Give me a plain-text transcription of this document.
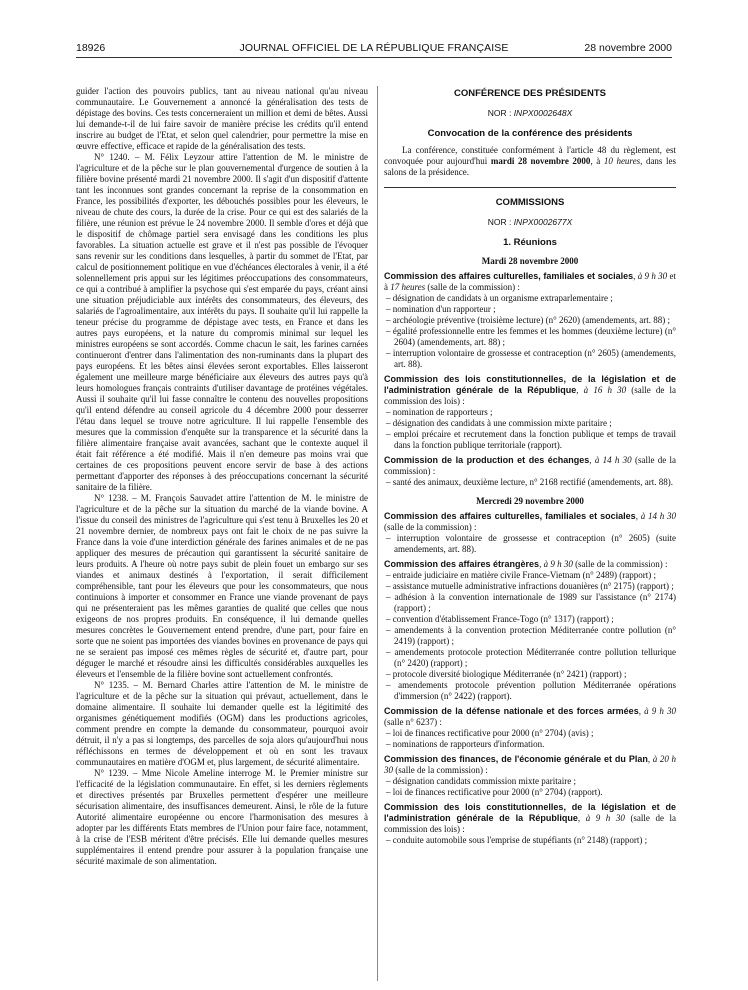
18926	JOURNAL OFFICIEL DE LA RÉPUBLIQUE FRANÇAISE	28 novembre 2000

guider l'action des pouvoirs publics, tant au niveau national qu'au niveau communautaire. Le Gouvernement a annoncé la généralisation des tests de dépistage des bovins. Ces tests concerneraient un million et demi de bêtes. Aussi lui demande-t-il de lui faire savoir de manière précise les crédits qu'il entend inscrire au budget de l'Etat, et selon quel calendrier, pour permettre la mise en œuvre effective, efficace et rapide de la généralisation des tests.

N° 1240. – M. Félix Leyzour attire l'attention de M. le ministre de l'agriculture et de la pêche sur le plan gouvernemental d'urgence de soutien à la filière bovine présenté mardi 21 novembre 2000. Il s'agit d'un dispositif d'attente tant les inconnues sont grandes concernant la reprise de la consommation en France, les possibilités d'exporter, les débouchés possibles pour les éleveurs, le niveau de chute des cours, la durée de la crise. Pour ce qui est des salariés de la filière, une réunion est prévue le 24 novembre 2000. Il semble d'ores et déjà que le dispositif de chômage partiel sera envisagé dans les conditions les plus favorables. La situation actuelle est grave et il n'est pas possible de l'évoquer sans revenir sur les conditions dans lesquelles, à partir du sommet de l'Etat, par calcul de positionnement politique en vue d'échéances électorales à venir, il a été solennellement pris appui sur les légitimes préoccupations des consommateurs, ce qui a contribué à amplifier la psychose qui s'est emparée du pays, créant ainsi une situation préjudiciable aux intérêts des consommateurs, des éleveurs, des salariés de l'agroalimentaire, aux intérêts du pays. Il souhaite qu'il lui rappelle la teneur précise du programme de dépistage avec tests, en France et dans les autres pays européens, et la nature du compromis minimal sur lequel les ministres européens se sont accordés. Comme chacun le sait, les farines carnées continueront d'entrer dans l'alimentation des non-ruminants dans la plupart des pays européens. Et les bêtes ainsi élevées seront exportables. Elles laisseront également une meilleure marge bénéficiaire aux éleveurs des autres pays qu'à leurs homologues français contraints d'utiliser davantage de protéines végétales. Aussi il souhaite qu'il lui fasse connaître le contenu des nouvelles propositions qu'il entend défendre au conseil agricole du 4 décembre 2000 pour desserrer l'étau dans lequel se trouve notre agriculture. Il lui rappelle l'ensemble des mesures que la commission d'enquête sur la transparence et la sécurité dans la filière alimentaire française avait avancées, sachant que le contexte auquel il était fait référence a été modifié. Mais il n'en demeure pas moins vrai que certaines de ces propositions peuvent encore servir de base à des actions permettant d'apporter des réponses à des préoccupations concernant la sécurité sanitaire de la filière.

N° 1238. – M. François Sauvadet attire l'attention de M. le ministre de l'agriculture et de la pêche sur la situation du marché de la viande bovine. A l'issue du conseil des ministres de l'agriculture qui s'est tenu à Bruxelles les 20 et 21 novembre dernier, de nombreux pays ont fait le choix de ne pas suivre la France dans la voie d'une interdiction générale des farines animales et de ne pas appliquer des mesures de précaution qui garantissent la sécurité sanitaire de leurs produits. A l'heure où notre pays subit de plein fouet un embargo sur ses viandes et animaux destinés à l'exportation, il serait difficilement compréhensible, tant pour les éleveurs que pour les consommateurs, que nous continuions à importer et consommer en France une viande provenant de pays qui ne présenteraient pas les mêmes garanties de qualité que celles que nous exigeons de nos propres produits. En conséquence, il lui demande quelles mesures concrètes le Gouvernement entend prendre, d'une part, pour faire en sorte que ne soient pas importées des viandes bovines en provenance de pays qui ne se seraient pas imposé ces mêmes règles de sécurité et, d'autre part, pour déguger le marché et résoudre ainsi les difficultés considérables auxquelles les éleveurs et l'ensemble de la filière bovine sont actuellement confrontés.

N° 1235. – M. Bernard Charles attire l'attention de M. le ministre de l'agriculture et de la pêche sur la situation qui prévaut, actuellement, dans le domaine alimentaire. Il souhaite lui demander quelle est la légitimité des organismes génétiquement modifiés (OGM) dans les productions agricoles, comment prendre en compte la demande du consommateur, pourquoi avoir détruit, il n'y a pas si longtemps, des parcelles de soja alors qu'aujourd'hui nous réfléchissons en termes de développement et où en sont les travaux communautaires en matière d'OGM et, plus largement, de sécurité alimentaire.

N° 1239. – Mme Nicole Ameline interroge M. le Premier ministre sur l'efficacité de la législation communautaire. En effet, si les derniers règlements et directives présentés par Bruxelles permettent d'espérer une meilleure sécurisation alimentaire, des insuffisances demeurent. Ainsi, le rôle de la future Autorité alimentaire européenne ou encore l'harmonisation des mesures à adopter par les différents Etats membres de l'Union pour faire face, notamment, à la crise de l'ESB méritent d'être précisés. Elle lui demande quelles mesures supplémentaires il entend prendre pour assurer à la population française une sécurité maximale de son alimentation.

CONFÉRENCE DES PRÉSIDENTS
NOR : INPX0002648X
Convocation de la conférence des présidents

La conférence, constituée conformément à l'article 48 du règlement, est convoquée pour aujourd'hui mardi 28 novembre 2000, à 10 heures, dans les salons de la présidence.

COMMISSIONS
NOR : INPX0002677X
1. Réunions
Mardi 28 novembre 2000

Commission des affaires culturelles, familiales et sociales, à 9 h 30 et à 17 heures (salle de la commission) :

– désignation de candidats à un organisme extraparlementaire ;
– nomination d'un rapporteur ;
– archéologie préventive (troisième lecture) (n° 2620) (amendements, art. 88) ;
– égalité professionnelle entre les femmes et les hommes (deuxième lecture) (n° 2604) (amendements, art. 88) ;
– interruption volontaire de grossesse et contraception (n° 2605) (amendements, art. 88).

Commission des lois constitutionnelles, de la législation et de l'administration générale de la République, à 16 h 30 (salle de la commission des lois) :

– nomination de rapporteurs ;
– désignation des candidats à une commission mixte paritaire ;
– emploi précaire et recrutement dans la fonction publique et temps de travail dans la fonction publique territoriale (rapport).

Commission de la production et des échanges, à 14 h 30 (salle de la commission) :

– santé des animaux, deuxième lecture, n° 2168 rectifié (amendements, art. 88).
Mercredi 29 novembre 2000

Commission des affaires culturelles, familiales et sociales, à 14 h 30 (salle de la commission) :

– interruption volontaire de grossesse et contraception (n° 2605) (suite amendements, art. 88).

Commission des affaires étrangères, à 9 h 30 (salle de la commission) :

– entraide judiciaire en matière civile France-Vietnam (n° 2489) (rapport) ;
– assistance mutuelle administrative infractions douanières (n° 2175) (rapport) ;
– adhésion à la convention internationale de 1989 sur l'assistance (n° 2174) (rapport) ;
– convention d'établissement France-Togo (n° 1317) (rapport) ;
– amendements à la convention protection Méditerranée contre pollution (n° 2419) (rapport) ;
– amendements protocole protection Méditerranée contre pollution tellurique (n° 2420) (rapport) ;
– protocole diversité biologique Méditerranée (n° 2421) (rapport) ;
– amendements protocole prévention pollution Méditerranée opérations d'immersion (n° 2422) (rapport).

Commission de la défense nationale et des forces armées, à 9 h 30 (salle n° 6237) :

– loi de finances rectificative pour 2000 (n° 2704) (avis) ;
– nominations de rapporteurs d'information.

Commission des finances, de l'économie générale et du Plan, à 20 h 30 (salle de la commission) :

– désignation candidats commission mixte paritaire ;
– loi de finances rectificative pour 2000 (n° 2704) (rapport).

Commission des lois constitutionnelles, de la législation et de l'administration générale de la République, à 9 h 30 (salle de la commission des lois) :

– conduite automobile sous l'emprise de stupéfiants (n° 2148) (rapport) ;
